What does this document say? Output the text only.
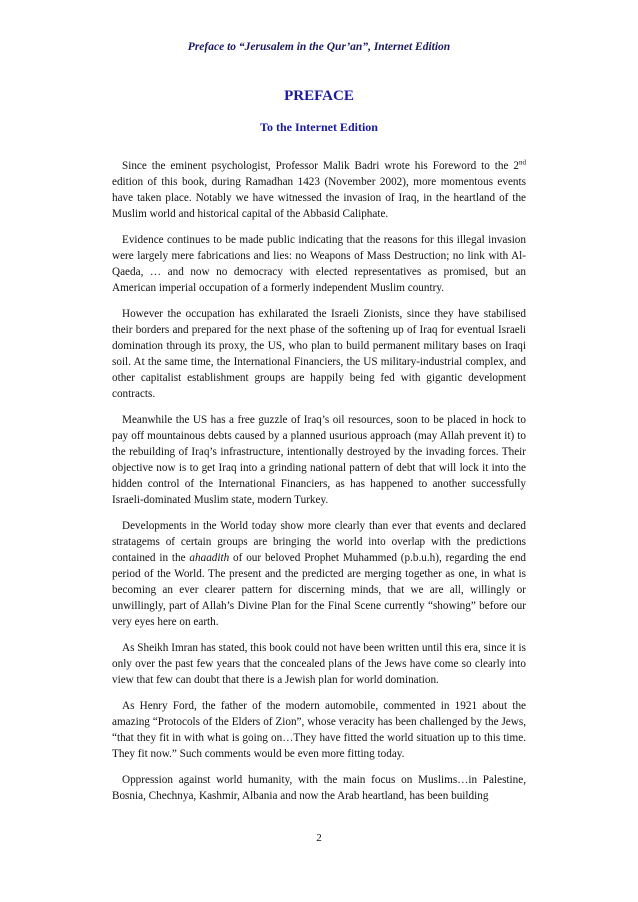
Preface to “Jerusalem in the Qur’an”, Internet Edition
PREFACE
To the Internet Edition

Since the eminent psychologist, Professor Malik Badri wrote his Foreword to the 2nd edition of this book, during Ramadhan 1423 (November 2002), more momentous events have taken place. Notably we have witnessed the invasion of Iraq, in the heartland of the Muslim world and historical capital of the Abbasid Caliphate.

Evidence continues to be made public indicating that the reasons for this illegal invasion were largely mere fabrications and lies: no Weapons of Mass Destruction; no link with Al-Qaeda, … and now no democracy with elected representatives as promised, but an American imperial occupation of a formerly independent Muslim country.

However the occupation has exhilarated the Israeli Zionists, since they have stabilised their borders and prepared for the next phase of the softening up of Iraq for eventual Israeli domination through its proxy, the US, who plan to build permanent military bases on Iraqi soil. At the same time, the International Financiers, the US military-industrial complex, and other capitalist establishment groups are happily being fed with gigantic development contracts.

Meanwhile the US has a free guzzle of Iraq’s oil resources, soon to be placed in hock to pay off mountainous debts caused by a planned usurious approach (may Allah prevent it) to the rebuilding of Iraq’s infrastructure, intentionally destroyed by the invading forces. Their objective now is to get Iraq into a grinding national pattern of debt that will lock it into the hidden control of the International Financiers, as has happened to another successfully Israeli-dominated Muslim state, modern Turkey.

Developments in the World today show more clearly than ever that events and declared stratagems of certain groups are bringing the world into overlap with the predictions contained in the ahaadith of our beloved Prophet Muhammed (p.b.u.h), regarding the end period of the World. The present and the predicted are merging together as one, in what is becoming an ever clearer pattern for discerning minds, that we are all, willingly or unwillingly, part of Allah’s Divine Plan for the Final Scene currently “showing” before our very eyes here on earth.

As Sheikh Imran has stated, this book could not have been written until this era, since it is only over the past few years that the concealed plans of the Jews have come so clearly into view that few can doubt that there is a Jewish plan for world domination.

As Henry Ford, the father of the modern automobile, commented in 1921 about the amazing “Protocols of the Elders of Zion”, whose veracity has been challenged by the Jews, “that they fit in with what is going on…They have fitted the world situation up to this time. They fit now.” Such comments would be even more fitting today.

Oppression against world humanity, with the main focus on Muslims…in Palestine, Bosnia, Chechnya, Kashmir, Albania and now the Arab heartland, has been building

2
